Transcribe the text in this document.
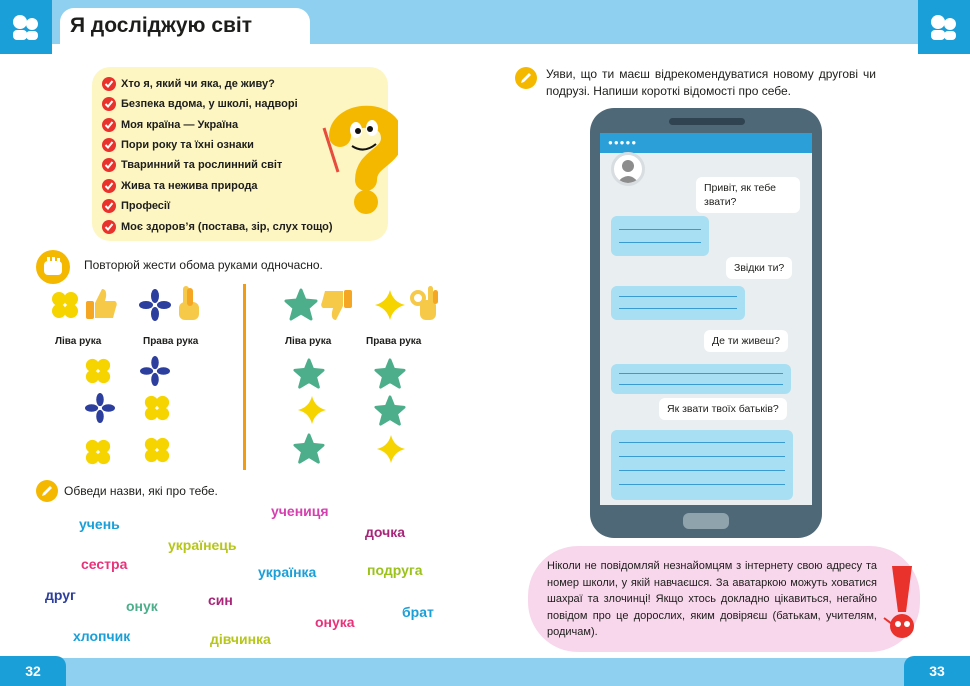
Я досліджую світ
Хто я, який чи яка, де живу?
Безпека вдома, у школі, надворі
Моя країна — Україна
Пори року та їхні ознаки
Тваринний та рослинний світ
Жива та нежива природа
Професії
Моє здоров’я (постава, зір, слух тощо)
Повторюй жести обома руками одночасно.
Ліва рука	Права рука	Ліва рука	Права рука
Обведи назви, які про тебе.
учень
учениця
українець
дочка
сестра	українка	подруга
друг
онук	син
брат
онука
хлопчик	дівчинка
Уяви, що ти маєш відрекомендуватися новому другові чи подрузі. Напиши короткі відомості про себе.
●●●●●
Привіт, як тебе звати?
Звідки ти?
Де ти живеш?
Як звати твоїх батьків?
Ніколи не повідомляй незнайомцям з інтернету свою адресу та номер школи, у якій навчаєшся. За аватаркою можуть ховатися шахраї та злочинці! Якщо хтось докладно цікавиться, негайно повідом про це дорослих, яким довіряєш (батькам, учителям, родичам).
32	33
